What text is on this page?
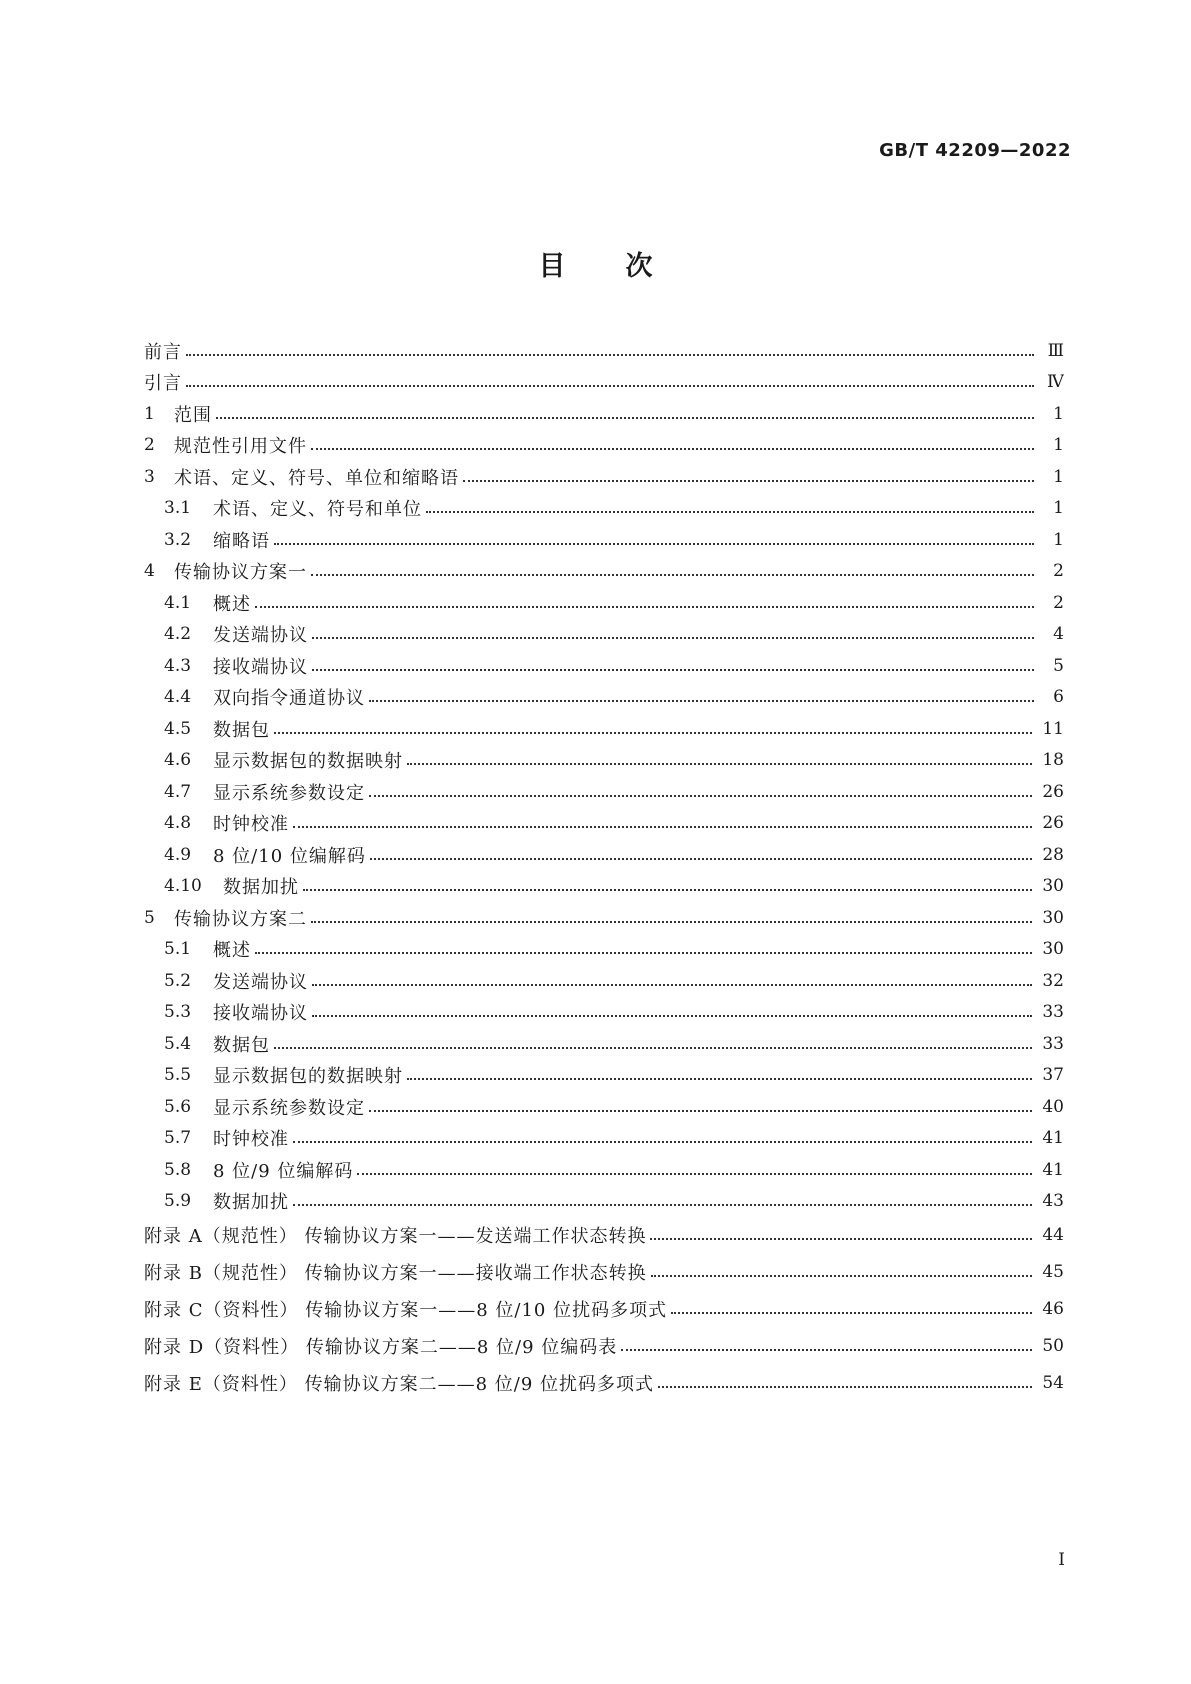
GB/T 42209—2022
目次
前言	Ⅲ
引言	Ⅳ
1	范围	1
2	规范性引用文件	1
3	术语、定义、符号、单位和缩略语	1
3.1	术语、定义、符号和单位	1
3.2	缩略语	1
4	传输协议方案一	2
4.1	概述	2
4.2	发送端协议	4
4.3	接收端协议	5
4.4	双向指令通道协议	6
4.5	数据包	11
4.6	显示数据包的数据映射	18
4.7	显示系统参数设定	26
4.8	时钟校准	26
4.9	8 位/10 位编解码	28
4.10	数据加扰	30
5	传输协议方案二	30
5.1	概述	30
5.2	发送端协议	32
5.3	接收端协议	33
5.4	数据包	33
5.5	显示数据包的数据映射	37
5.6	显示系统参数设定	40
5.7	时钟校准	41
5.8	8 位/9 位编解码	41
5.9	数据加扰	43
附录 A（规范性） 传输协议方案一——发送端工作状态转换	44
附录 B（规范性） 传输协议方案一——接收端工作状态转换	45
附录 C（资料性） 传输协议方案一——8 位/10 位扰码多项式	46
附录 D（资料性） 传输协议方案二——8 位/9 位编码表	50
附录 E（资料性） 传输协议方案二——8 位/9 位扰码多项式	54
Ⅰ
